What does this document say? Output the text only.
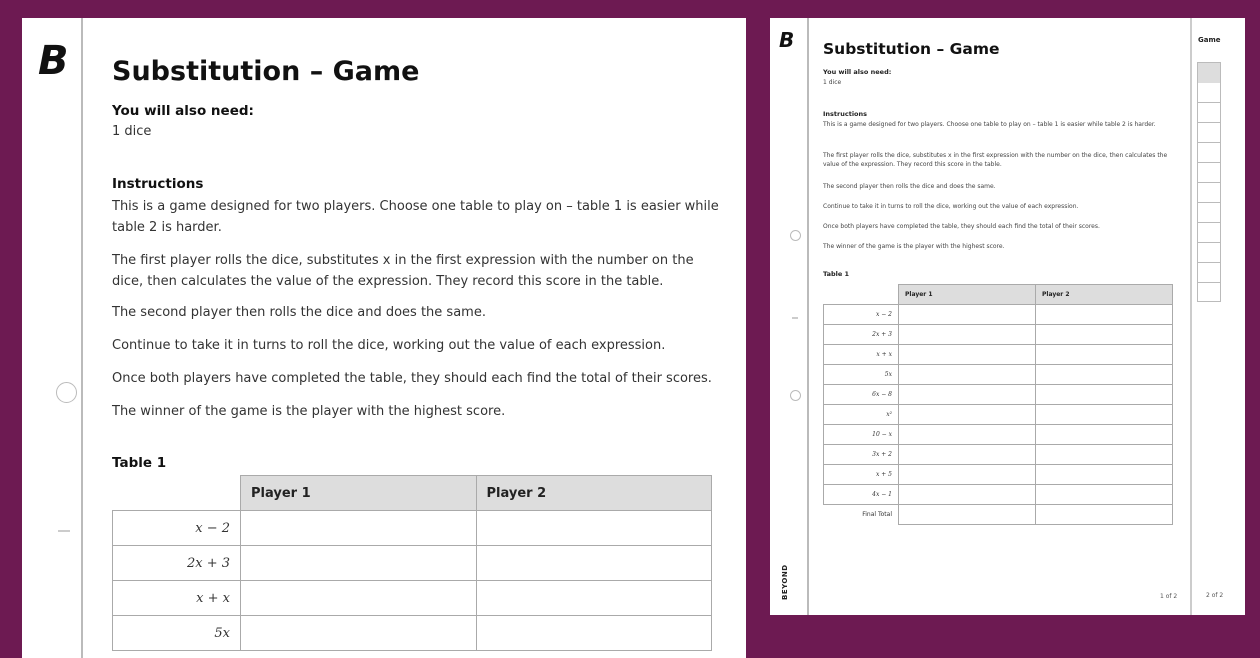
B Substitution – Game
You will also need:
1 dice
Instructions

This is a game designed for two players. Choose one table to play on – table 1 is easier while table 2 is harder.

The first player rolls the dice, substitutes x in the first expression with the number on the dice, then calculates the value of the expression. They record this score in the table.

The second player then rolls the dice and does the same.

Continue to take it in turns to roll the dice, working out the value of each expression.

Once both players have completed the table, they should each find the total of their scores.

The winner of the game is the player with the highest score.

Table 1
	Player 1	Player 2
x − 2		
2x + 3		
x + x		
5x		
Game
2 of 2
B
BEYOND
Substitution – Game
You will also need:
1 dice
Instructions

This is a game designed for two players. Choose one table to play on – table 1 is easier while table 2 is harder.

The first player rolls the dice, substitutes x in the first expression with the number on the dice, then calculates the value of the expression. They record this score in the table.

The second player then rolls the dice and does the same.

Continue to take it in turns to roll the dice, working out the value of each expression.

Once both players have completed the table, they should each find the total of their scores.

The winner of the game is the player with the highest score.

Table 1
	Player 1	Player 2
x − 2		
2x + 3		
x + x		
5x		
6x − 8		
x²		
10 − x		
3x + 2		
x + 5		
4x − 1		
Final Total		
1 of 2
